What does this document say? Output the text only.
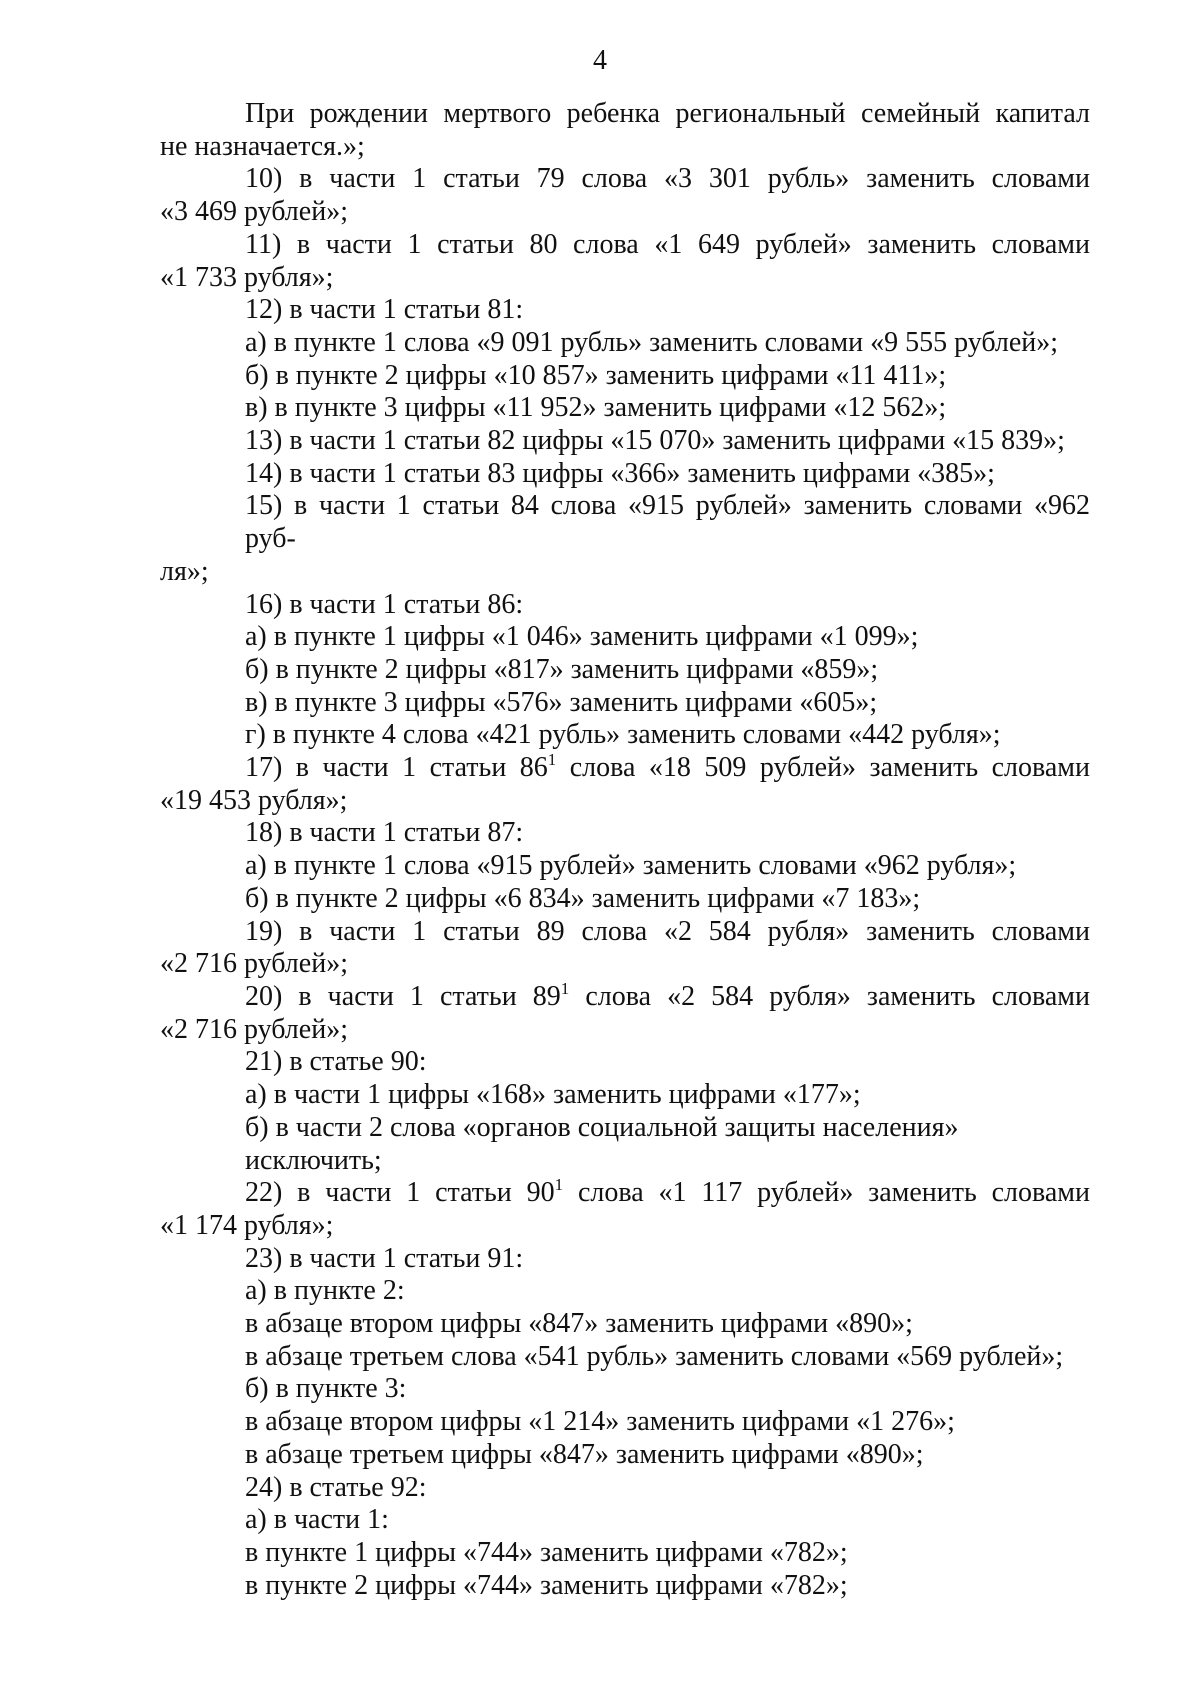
4
При рождении мертвого ребенка региональный семейный капитал
не назначается.»;
10) в части 1 статьи 79 слова «3 301 рубль» заменить словами
«3 469 рублей»;
11) в части 1 статьи 80 слова «1 649 рублей» заменить словами
«1 733 рубля»;
12) в части 1 статьи 81:
а) в пункте 1 слова «9 091 рубль» заменить словами «9 555 рублей»;
б) в пункте 2 цифры «10 857» заменить цифрами «11 411»;
в) в пункте 3 цифры «11 952» заменить цифрами «12 562»;
13) в части 1 статьи 82 цифры «15 070» заменить цифрами «15 839»;
14) в части 1 статьи 83 цифры «366» заменить цифрами «385»;
15) в части 1 статьи 84 слова «915 рублей» заменить словами «962 руб-
ля»;
16) в части 1 статьи 86:
а) в пункте 1 цифры «1 046» заменить цифрами «1 099»;
б) в пункте 2 цифры «817» заменить цифрами «859»;
в) в пункте 3 цифры «576» заменить цифрами «605»;
г) в пункте 4 слова «421 рубль» заменить словами «442 рубля»;
17) в части 1 статьи $86^1$ слова «18 509 рублей» заменить словами
«19 453 рубля»;
18) в части 1 статьи 87:
а) в пункте 1 слова «915 рублей» заменить словами «962 рубля»;
б) в пункте 2 цифры «6 834» заменить цифрами «7 183»;
19) в части 1 статьи 89 слова «2 584 рубля» заменить словами
«2 716 рублей»;
20) в части 1 статьи $89^1$ слова «2 584 рубля» заменить словами
«2 716 рублей»;
21) в статье 90:
а) в части 1 цифры «168» заменить цифрами «177»;
б) в части 2 слова «органов социальной защиты населения» исключить;
22) в части 1 статьи $90^1$ слова «1 117 рублей» заменить словами
«1 174 рубля»;
23) в части 1 статьи 91:
а) в пункте 2:
в абзаце втором цифры «847» заменить цифрами «890»;
в абзаце третьем слова «541 рубль» заменить словами «569 рублей»;
б) в пункте 3:
в абзаце втором цифры «1 214» заменить цифрами «1 276»;
в абзаце третьем цифры «847» заменить цифрами «890»;
24) в статье 92:
а) в части 1:
в пункте 1 цифры «744» заменить цифрами «782»;
в пункте 2 цифры «744» заменить цифрами «782»;
